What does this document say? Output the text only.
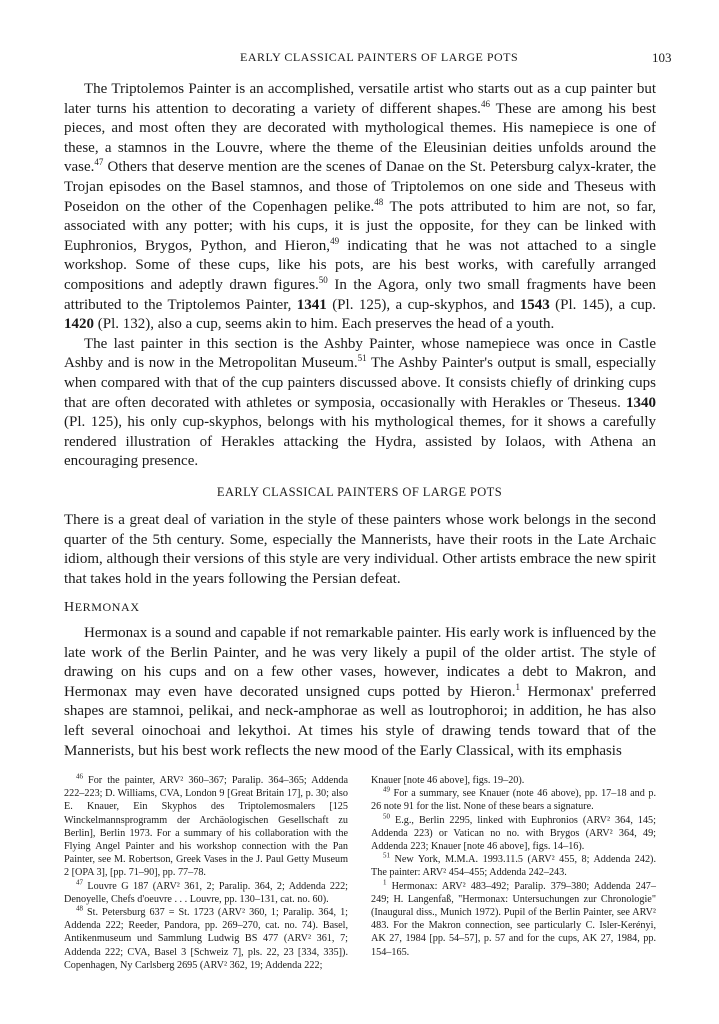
EARLY CLASSICAL PAINTERS OF LARGE POTS	103

The Triptolemos Painter is an accomplished, versatile artist who starts out as a cup painter but later turns his attention to decorating a variety of different shapes.$^{46}$ These are among his best pieces, and most often they are decorated with mythological themes. His namepiece is one of these, a stamnos in the Louvre, where the theme of the Eleusinian deities unfolds around the vase.$^{47}$ Others that deserve mention are the scenes of Danae on the St. Petersburg calyx-krater, the Trojan episodes on the Basel stamnos, and those of Triptolemos on one side and Theseus with Poseidon on the other of the Copenhagen pelike.$^{48}$ The pots attributed to him are not, so far, associated with any potter; with his cups, it is just the opposite, for they can be linked with Euphronios, Brygos, Python, and Hieron,$^{49}$ indicating that he was not attached to a single workshop. Some of these cups, like his pots, are his best works, with carefully arranged compositions and adeptly drawn figures.$^{50}$ In the Agora, only two small fragments have been attributed to the Triptolemos Painter, 1341 (Pl. 125), a cup-skyphos, and 1543 (Pl. 145), a cup. 1420 (Pl. 132), also a cup, seems akin to him. Each preserves the head of a youth.

The last painter in this section is the Ashby Painter, whose namepiece was once in Castle Ashby and is now in the Metropolitan Museum.$^{51}$ The Ashby Painter's output is small, especially when compared with that of the cup painters discussed above. It consists chiefly of drinking cups that are often decorated with athletes or symposia, occasionally with Herakles or Theseus. 1340 (Pl. 125), his only cup-skyphos, belongs with his mythological themes, for it shows a carefully rendered illustration of Herakles attacking the Hydra, assisted by Iolaos, with Athena an encouraging presence.

EARLY CLASSICAL PAINTERS OF LARGE POTS

There is a great deal of variation in the style of these painters whose work belongs in the second quarter of the 5th century. Some, especially the Mannerists, have their roots in the Late Archaic idiom, although their versions of this style are very individual. Other artists embrace the new spirit that takes hold in the years following the Persian defeat.

HERMONAX

Hermonax is a sound and capable if not remarkable painter. His early work is influenced by the late work of the Berlin Painter, and he was very likely a pupil of the older artist. The style of drawing on his cups and on a few other vases, however, indicates a debt to Makron, and Hermonax may even have decorated unsigned cups potted by Hieron.$^1$ Hermonax' preferred shapes are stamnoi, pelikai, and neck-amphorae as well as loutrophoroi; in addition, he has also left several oinochoai and lekythoi. At times his style of drawing tends toward that of the Mannerists, but his best work reflects the new mood of the Early Classical, with its emphasis

$^{46}$ For the painter, ARV² 360–367; Paralip. 364–365; Addenda 222–223; D. Williams, CVA, London 9 [Great Britain 17], p. 30; also E. Knauer, Ein Skyphos des Triptolemosmalers [125 Winckelmannsprogramm der Archäologischen Gesellschaft zu Berlin], Berlin 1973. For a summary of his collaboration with the Flying Angel Painter and his workshop connection with the Pan Painter, see M. Robertson, Greek Vases in the J. Paul Getty Museum 2 [OPA 3], [pp. 71–90], pp. 77–78.

$^{47}$ Louvre G 187 (ARV² 361, 2; Paralip. 364, 2; Addenda 222; Denoyelle, Chefs d'oeuvre . . . Louvre, pp. 130–131, cat. no. 60).

$^{48}$ St. Petersburg 637 = St. 1723 (ARV² 360, 1; Paralip. 364, 1; Addenda 222; Reeder, Pandora, pp. 269–270, cat. no. 74). Basel, Antikenmuseum und Sammlung Ludwig BS 477 (ARV² 361, 7; Addenda 222; CVA, Basel 3 [Schweiz 7], pls. 22, 23 [334, 335]). Copenhagen, Ny Carlsberg 2695 (ARV² 362, 19; Addenda 222;

Knauer [note 46 above], figs. 19–20).

$^{49}$ For a summary, see Knauer (note 46 above), pp. 17–18 and p. 26 note 91 for the list. None of these bears a signature.

$^{50}$ E.g., Berlin 2295, linked with Euphronios (ARV² 364, 145; Addenda 223) or Vatican no no. with Brygos (ARV² 364, 49; Addenda 223; Knauer [note 46 above], figs. 14–16).

$^{51}$ New York, M.M.A. 1993.11.5 (ARV² 455, 8; Addenda 242). The painter: ARV² 454–455; Addenda 242–243.

$^1$ Hermonax: ARV² 483–492; Paralip. 379–380; Addenda 247–249; H. Langenfaß, "Hermonax: Untersuchungen zur Chronologie" (Inaugural diss., Munich 1972). Pupil of the Berlin Painter, see ARV² 483. For the Makron connection, see particularly C. Isler-Kerényi, AK 27, 1984 [pp. 54–57], p. 57 and for the cups, AK 27, 1984, pp. 154–165.
